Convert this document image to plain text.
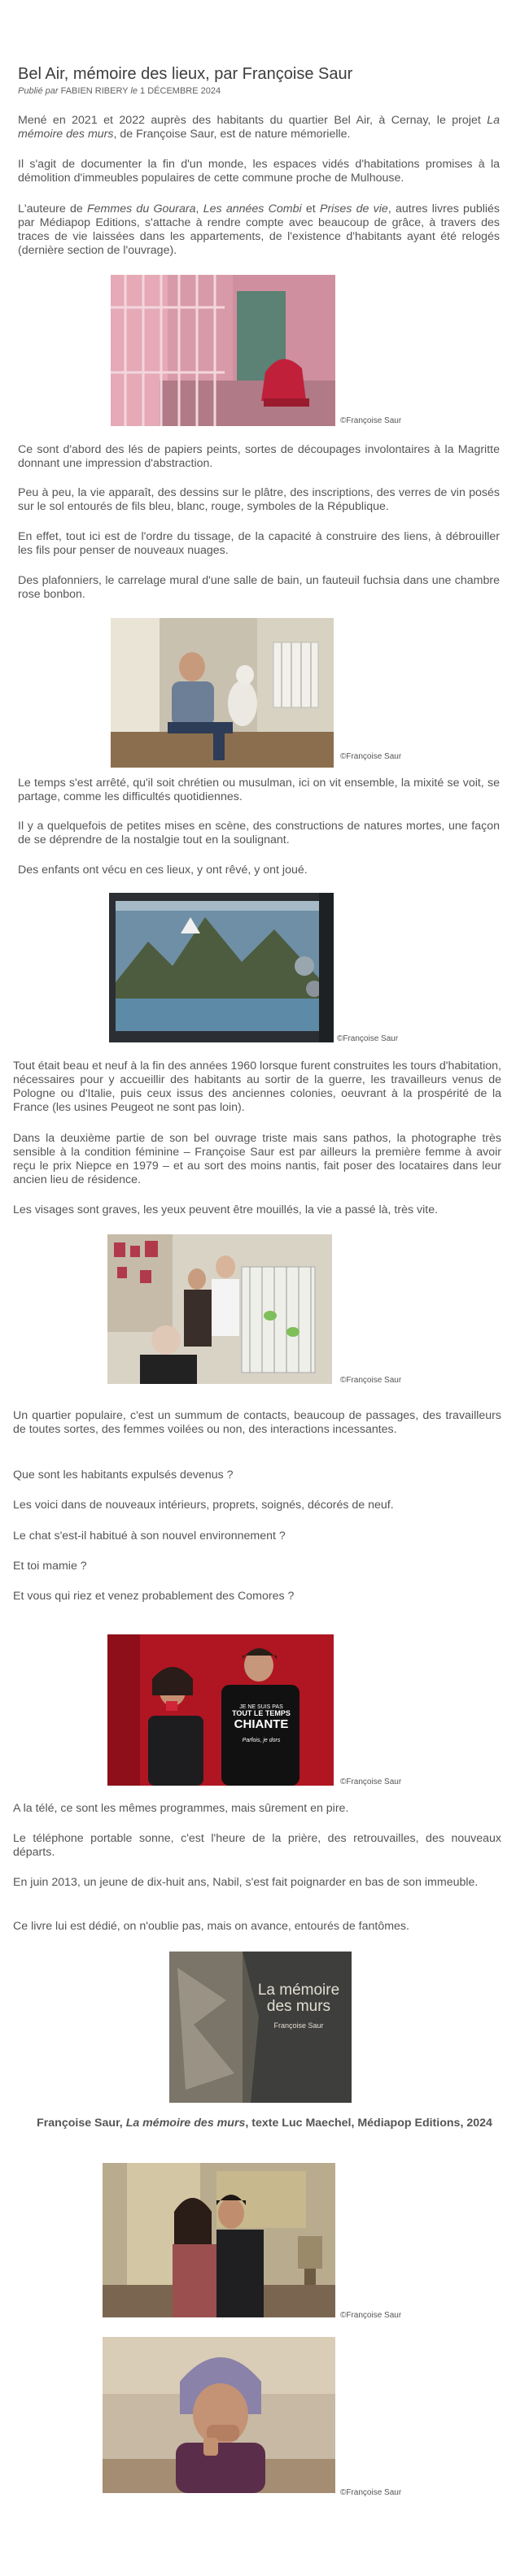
Bel Air, mémoire des lieux, par Françoise Saur
Publié par FABIEN RIBERY le 1 DÉCEMBRE 2024

Mené en 2021 et 2022 auprès des habitants du quartier Bel Air, à Cernay, le projet La mémoire des murs, de Françoise Saur, est de nature mémorielle.

Il s'agit de documenter la fin d'un monde, les espaces vidés d'habitations promises à la démolition d'immeubles populaires de cette commune proche de Mulhouse.

L'auteure de Femmes du Gourara, Les années Combi et Prises de vie, autres livres publiés par Médiapop Editions, s'attache à rendre compte avec beaucoup de grâce, à travers des traces de vie laissées dans les appartements, de l'existence d'habitants ayant été relogés (dernière section de l'ouvrage).

©Françoise Saur

Ce sont d'abord des lés de papiers peints, sortes de découpages involontaires à la Magritte donnant une impression d'abstraction.

Peu à peu, la vie apparaît, des dessins sur le plâtre, des inscriptions, des verres de vin posés sur le sol entourés de fils bleu, blanc, rouge, symboles de la République.

En effet, tout ici est de l'ordre du tissage, de la capacité à construire des liens, à débrouiller les fils pour penser de nouveaux nuages.

Des plafonniers, le carrelage mural d'une salle de bain, un fauteuil fuchsia dans une chambre rose bonbon.

©Françoise Saur

Le temps s'est arrêté, qu'il soit chrétien ou musulman, ici on vit ensemble, la mixité se voit, se partage, comme les difficultés quotidiennes.

Il y a quelquefois de petites mises en scène, des constructions de natures mortes, une façon de se déprendre de la nostalgie tout en la soulignant.

Des enfants ont vécu en ces lieux, y ont rêvé, y ont joué.

©Françoise Saur

Tout était beau et neuf à la fin des années 1960 lorsque furent construites les tours d'habitation, nécessaires pour y accueillir des habitants au sortir de la guerre, les travailleurs venus de Pologne ou d'Italie, puis ceux issus des anciennes colonies, oeuvrant à la prospérité de la France (les usines Peugeot ne sont pas loin).

Dans la deuxième partie de son bel ouvrage triste mais sans pathos, la photographe très sensible à la condition féminine – Françoise Saur est par ailleurs la première femme à avoir reçu le prix Niepce en 1979 – et au sort des moins nantis, fait poser des locataires dans leur ancien lieu de résidence.

Les visages sont graves, les yeux peuvent être mouillés, la vie a passé là, très vite.

©Françoise Saur

Un quartier populaire, c'est un summum de contacts, beaucoup de passages, des travailleurs de toutes sortes, des femmes voilées ou non, des interactions incessantes.

Que sont les habitants expulsés devenus ?

Les voici dans de nouveaux intérieurs, proprets, soignés, décorés de neuf.

Le chat s'est-il habitué à son nouvel environnement ?

Et toi mamie ?

Et vous qui riez et venez probablement des Comores ?

JE NE SUIS PAS
TOUT LE TEMPS
CHIANTE
Parfois, je dors
©Françoise Saur

A la télé, ce sont les mêmes programmes, mais sûrement en pire.

Le téléphone portable sonne, c'est l'heure de la prière, des retrouvailles, des nouveaux départs.

En juin 2013, un jeune de dix-huit ans, Nabil, s'est fait poignarder en bas de son immeuble.

Ce livre lui est dédié, on n'oublie pas, mais on avance, entourés de fantômes.

La mémoire des murs
Françoise Saur
Françoise Saur, La mémoire des murs, texte Luc Maechel, Médiapop Editions, 2024
©Françoise Saur
©Françoise Saur
